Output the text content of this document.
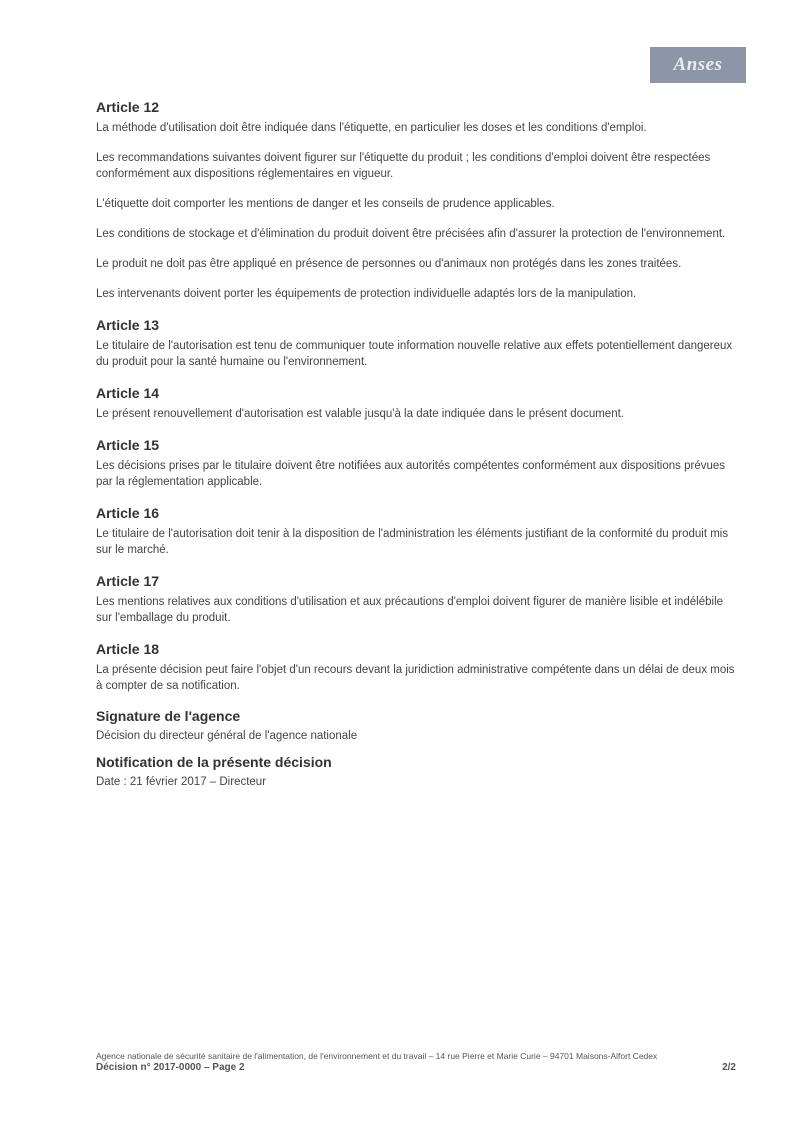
Anses
Article 12

La méthode d'utilisation doit être indiquée dans l'étiquette, en particulier les doses et les conditions d'emploi.

Les recommandations suivantes doivent figurer sur l'étiquette du produit ; les conditions d'emploi doivent être respectées conformément aux dispositions réglementaires en vigueur.

L'étiquette doit comporter les mentions de danger et les conseils de prudence applicables.

Les conditions de stockage et d'élimination du produit doivent être précisées afin d'assurer la protection de l'environnement.

Le produit ne doit pas être appliqué en présence de personnes ou d'animaux non protégés dans les zones traitées.

Les intervenants doivent porter les équipements de protection individuelle adaptés lors de la manipulation.

Article 13

Le titulaire de l'autorisation est tenu de communiquer toute information nouvelle relative aux effets potentiellement dangereux du produit pour la santé humaine ou l'environnement.

Article 14

Le présent renouvellement d'autorisation est valable jusqu'à la date indiquée dans le présent document.

Article 15

Les décisions prises par le titulaire doivent être notifiées aux autorités compétentes conformément aux dispositions prévues par la réglementation applicable.

Article 16

Le titulaire de l'autorisation doit tenir à la disposition de l'administration les éléments justifiant de la conformité du produit mis sur le marché.

Article 17

Les mentions relatives aux conditions d'utilisation et aux précautions d'emploi doivent figurer de manière lisible et indélébile sur l'emballage du produit.

Article 18

La présente décision peut faire l'objet d'un recours devant la juridiction administrative compétente dans un délai de deux mois à compter de sa notification.

Signature de l'agence

Décision du directeur général de l'agence nationale

Notification de la présente décision

Date : 21 février 2017 – Directeur

Agence nationale de sécurité sanitaire de l'alimentation, de l'environnement et du travail – 14 rue Pierre et Marie Curie – 94701 Maisons-Alfort Cedex
Décision n° 2017-0000 – Page 2	2/2
